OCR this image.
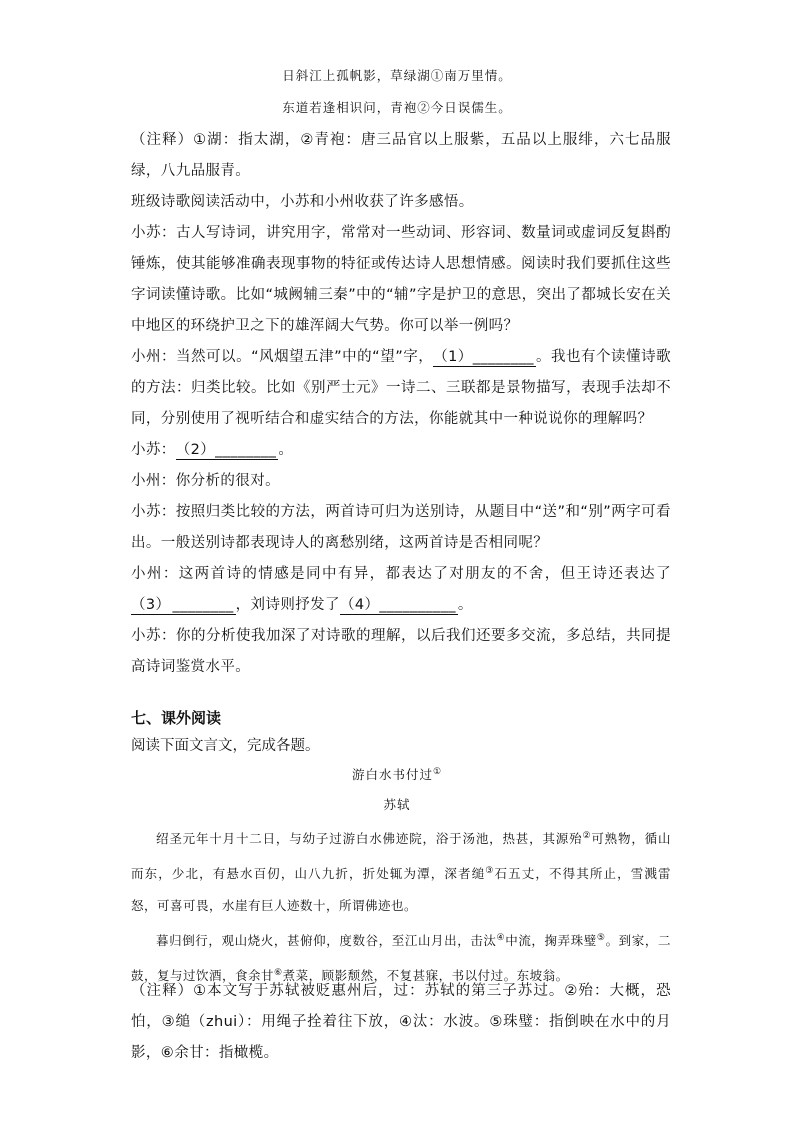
日斜江上孤帆影，草绿湖①南万里情。
东道若逢相识问，青袍②今日误儒生。

（注释）①湖：指太湖，②青袍：唐三品官以上服紫，五品以上服绯，六七品服绿，八九品服青。

班级诗歌阅读活动中，小苏和小州收获了许多感悟。

小苏：古人写诗词，讲究用字，常常对一些动词、形容词、数量词或虚词反复斟酌锤炼，使其能够准确表现事物的特征或传达诗人思想情感。阅读时我们要抓住这些字词读懂诗歌。比如“城阙辅三秦”中的“辅”字是护卫的意思，突出了都城长安在关中地区的环绕护卫之下的雄浑阔大气势。你可以举一例吗？

小州：当然可以。“风烟望五津”中的“望”字，（1）________ 。我也有个读懂诗歌的方法：归类比较。比如《别严士元》一诗二、三联都是景物描写，表现手法却不同，分别使用了视听结合和虚实结合的方法，你能就其中一种说说你的理解吗？

小苏：（2）________ 。

小州：你分析的很对。

小苏：按照归类比较的方法，两首诗可归为送别诗，从题目中“送”和“别”两字可看出。一般送别诗都表现诗人的离愁别绪，这两首诗是否相同呢？

小州：这两首诗的情感是同中有异，都表达了对朋友的不舍，但王诗还表达了（3） ________ ，刘诗则抒发了（4）__________ 。

小苏：你的分析使我加深了对诗歌的理解，以后我们还要多交流，多总结，共同提高诗词鉴赏水平。

七、课外阅读
阅读下面文言文，完成各题。
游白水书付过①
苏轼

绍圣元年十月十二日，与幼子过游白水佛迹院，浴于汤池，热甚，其源殆②可熟物，循山而东，少北，有悬水百仞，山八九折，折处辄为潭，深者缒③石五丈，不得其所止，雪溅雷怒，可喜可畏，水崖有巨人迹数十，所谓佛迹也。

暮归倒行，观山烧火，甚俯仰，度数谷，至江山月出，击汰④中流，掬弄珠璧⑤。到家，二鼓，复与过饮酒，食余甘⑥煮菜，顾影颓然，不复甚寐，书以付过。东坡翁。

（注释）①本文写于苏轼被贬惠州后，过：苏轼的第三子苏过。②殆：大概，恐怕，③缒（zhui）：用绳子拴着往下放，④汰：水波。⑤珠璧：指倒映在水中的月影，⑥余甘：指橄榄。
